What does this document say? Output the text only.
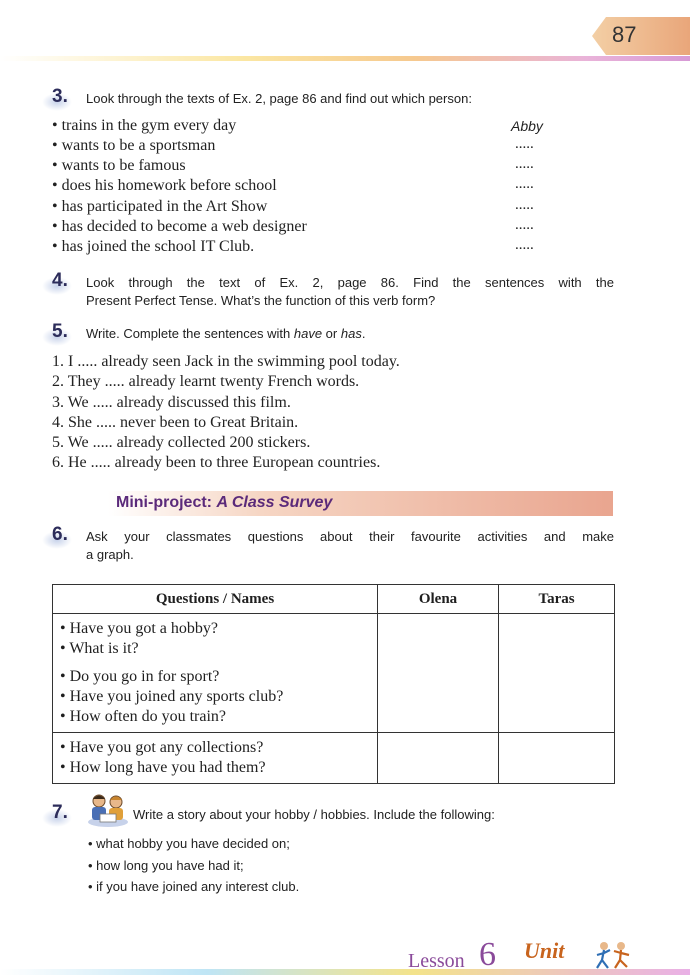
87
3. Look through the texts of Ex. 2, page 86 and find out which person:
• trains in the gym every day	Abby
• wants to be a sportsman	.....
• wants to be famous	.....
• does his homework before school	.....
• has participated in the Art Show	.....
• has decided to become a web designer	.....
• has joined the school IT Club.	.....
4. Look through the text of Ex. 2, page 86. Find the sentences with the
Present Perfect Tense. What’s the function of this verb form?
5. Write. Complete the sentences with have or has.
1. I ..... already seen Jack in the swimming pool today.
2. They ..... already learnt twenty French words.
3. We ..... already discussed this film.
4. She ..... never been to Great Britain.
5. We ..... already collected 200 stickers.
6. He ..... already been to three European countries.
Mini-project: A Class Survey
6. Ask your classmates questions about their favourite activities and make
a graph.
Questions / Names	Olena	Taras

• Have you got a hobby?
• What is it?
• Do you go in for sport?
• Have you joined any sports club?
• How often do you train?		

• Have you got any collections?
• How long have you had them?		

7.	Write a story about your hobby / hobbies. Include the following:
• what hobby you have decided on;
• how long you have had it;
• if you have joined any interest club.
Lesson 6 Unit
